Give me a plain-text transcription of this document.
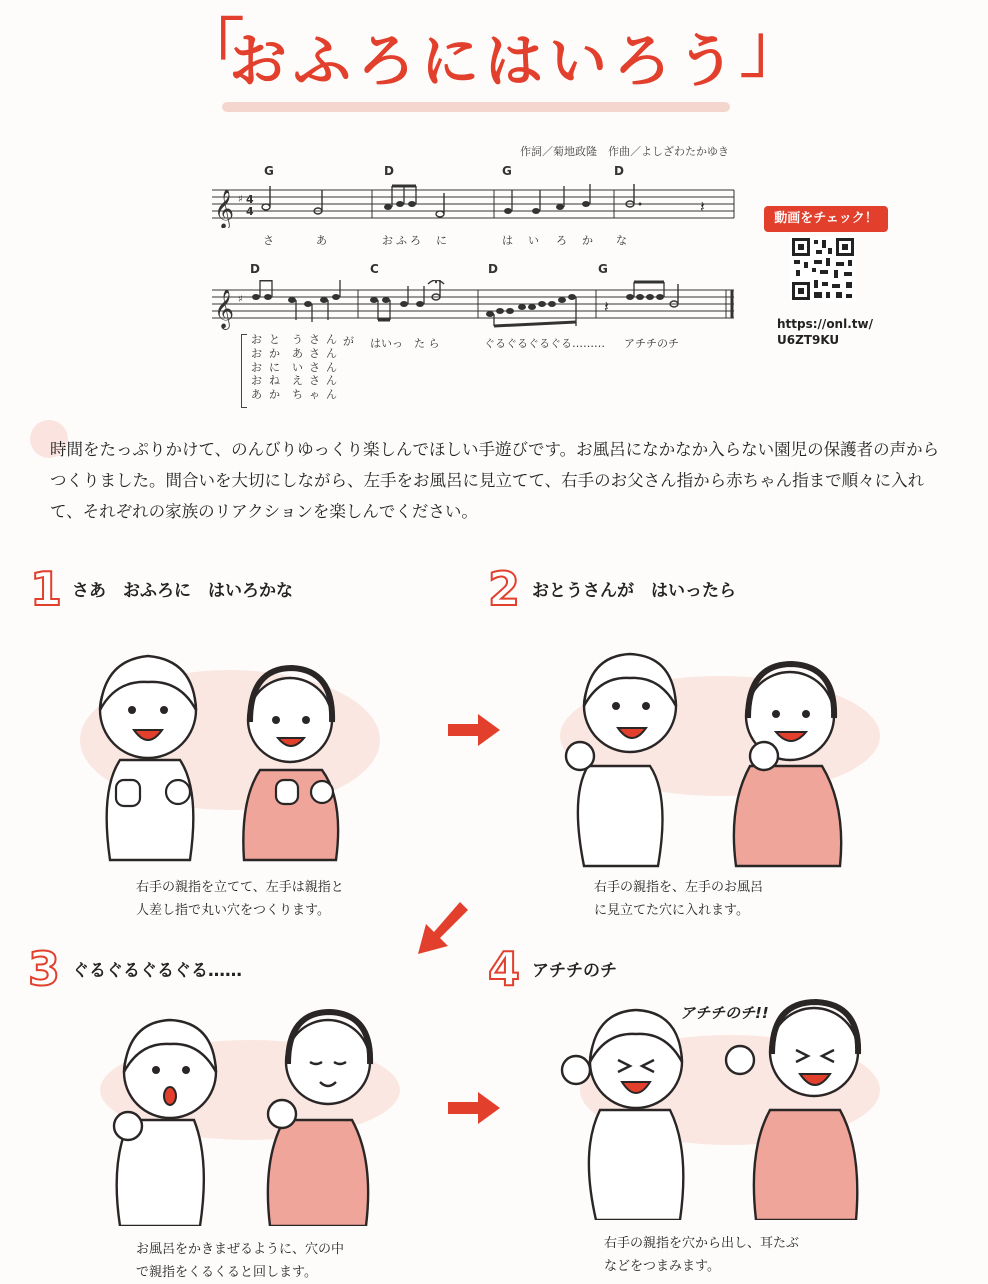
「	」
おふろにはいろう
作詞／菊地政隆　作曲／よしざわたかゆき
𝄞 ♯ 4
4	𝄽
G	D	G	D
さ	あ	おふろ に	は い ろ か な
𝄞 ♯	𝄽
D	C	D	G
お
お
お
お
あ
と
か
に
ね
か
う
あ
い
え
ち
さ
さ
さ
さ
ゃ
ん
ん
ん
ん
ん
が はいっ　た ら	ぐるぐるぐるぐる……… アチチのチ
動画をチェック！
https://onl.tw/
U6ZT9KU
時間をたっぷりかけて、のんびりゆっくり楽しんでほしい手遊びです。お風呂になかなか入らない園児の保護者の声からつくりました。間合いを大切にしながら、左手をお風呂に見立てて、右手のお父さん指から赤ちゃん指まで順々に入れて、それぞれの家族のリアクションを楽しんでください。
1 さあ　おふろに　はいろかな	2 おとうさんが　はいったら
3 ぐるぐるぐるぐる……	4 アチチのチ
右手の親指を立てて、左手は親指と
人差し指で丸い穴をつくります。
右手の親指を、左手のお風呂
に見立てた穴に入れます。
アチチのチ!!
お風呂をかきまぜるように、穴の中
で親指をくるくると回します。
右手の親指を穴から出し、耳たぶ
などをつまみます。
